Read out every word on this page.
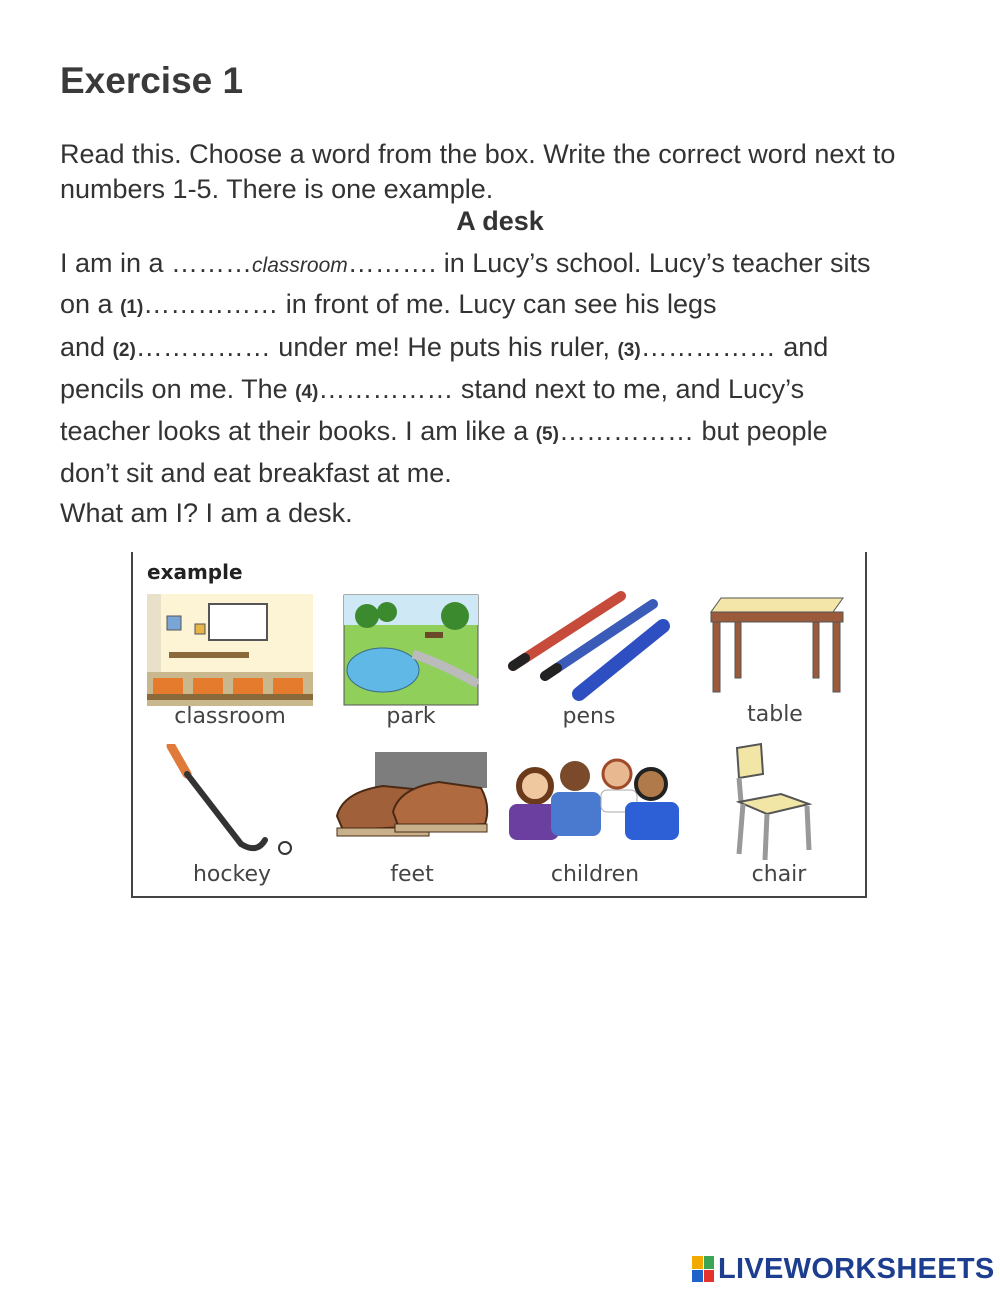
Exercise 1
Read this. Choose a word from the box. Write the correct word next to numbers 1-5. There is one example.
A desk
I am in a ………classroom………. in Lucy’s school. Lucy’s teacher sits
on a (1)…………… in front of me. Lucy can see his legs
and (2)…………… under me! He puts his ruler, (3)…………… and
pencils on me. The (4)…………… stand next to me, and Lucy’s
teacher looks at their books. I am like a (5)…………… but people
don’t sit and eat breakfast at me.
What am I? I am a desk.
example
classroom	park	pens	table
hockey	feet	children	chair
LIVEWORKSHEETS
